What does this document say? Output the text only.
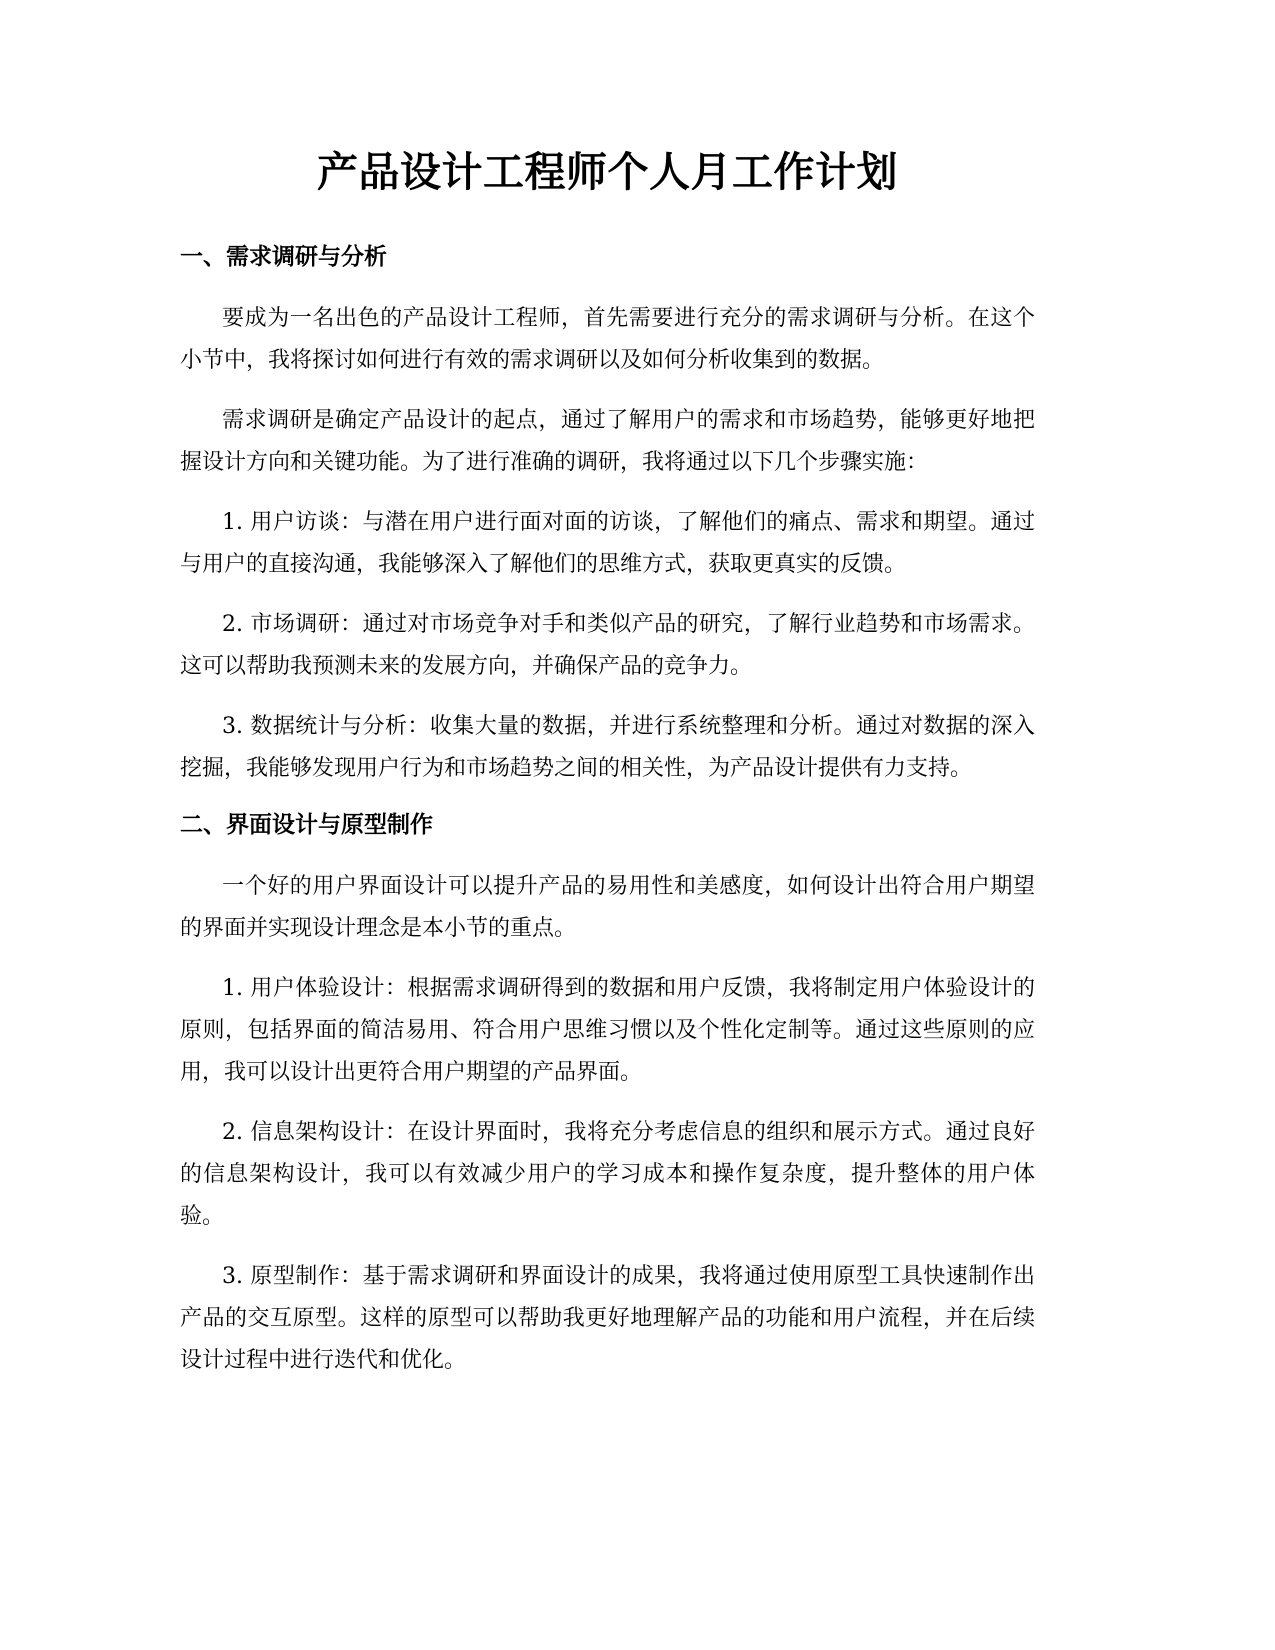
产品设计工程师个人月工作计划
一、需求调研与分析

要成为一名出色的产品设计工程师，首先需要进行充分的需求调研与分析。在这个小节中，我将探讨如何进行有效的需求调研以及如何分析收集到的数据。

需求调研是确定产品设计的起点，通过了解用户的需求和市场趋势，能够更好地把握设计方向和关键功能。为了进行准确的调研，我将通过以下几个步骤实施：

1. 用户访谈：与潜在用户进行面对面的访谈，了解他们的痛点、需求和期望。通过与用户的直接沟通，我能够深入了解他们的思维方式，获取更真实的反馈。

2. 市场调研：通过对市场竞争对手和类似产品的研究，了解行业趋势和市场需求。这可以帮助我预测未来的发展方向，并确保产品的竞争力。

3. 数据统计与分析：收集大量的数据，并进行系统整理和分析。通过对数据的深入挖掘，我能够发现用户行为和市场趋势之间的相关性，为产品设计提供有力支持。

二、界面设计与原型制作

一个好的用户界面设计可以提升产品的易用性和美感度，如何设计出符合用户期望的界面并实现设计理念是本小节的重点。

1. 用户体验设计：根据需求调研得到的数据和用户反馈，我将制定用户体验设计的原则，包括界面的简洁易用、符合用户思维习惯以及个性化定制等。通过这些原则的应用，我可以设计出更符合用户期望的产品界面。

2. 信息架构设计：在设计界面时，我将充分考虑信息的组织和展示方式。通过良好的信息架构设计，我可以有效减少用户的学习成本和操作复杂度，提升整体的用户体验。

3. 原型制作：基于需求调研和界面设计的成果，我将通过使用原型工具快速制作出产品的交互原型。这样的原型可以帮助我更好地理解产品的功能和用户流程，并在后续设计过程中进行迭代和优化。
